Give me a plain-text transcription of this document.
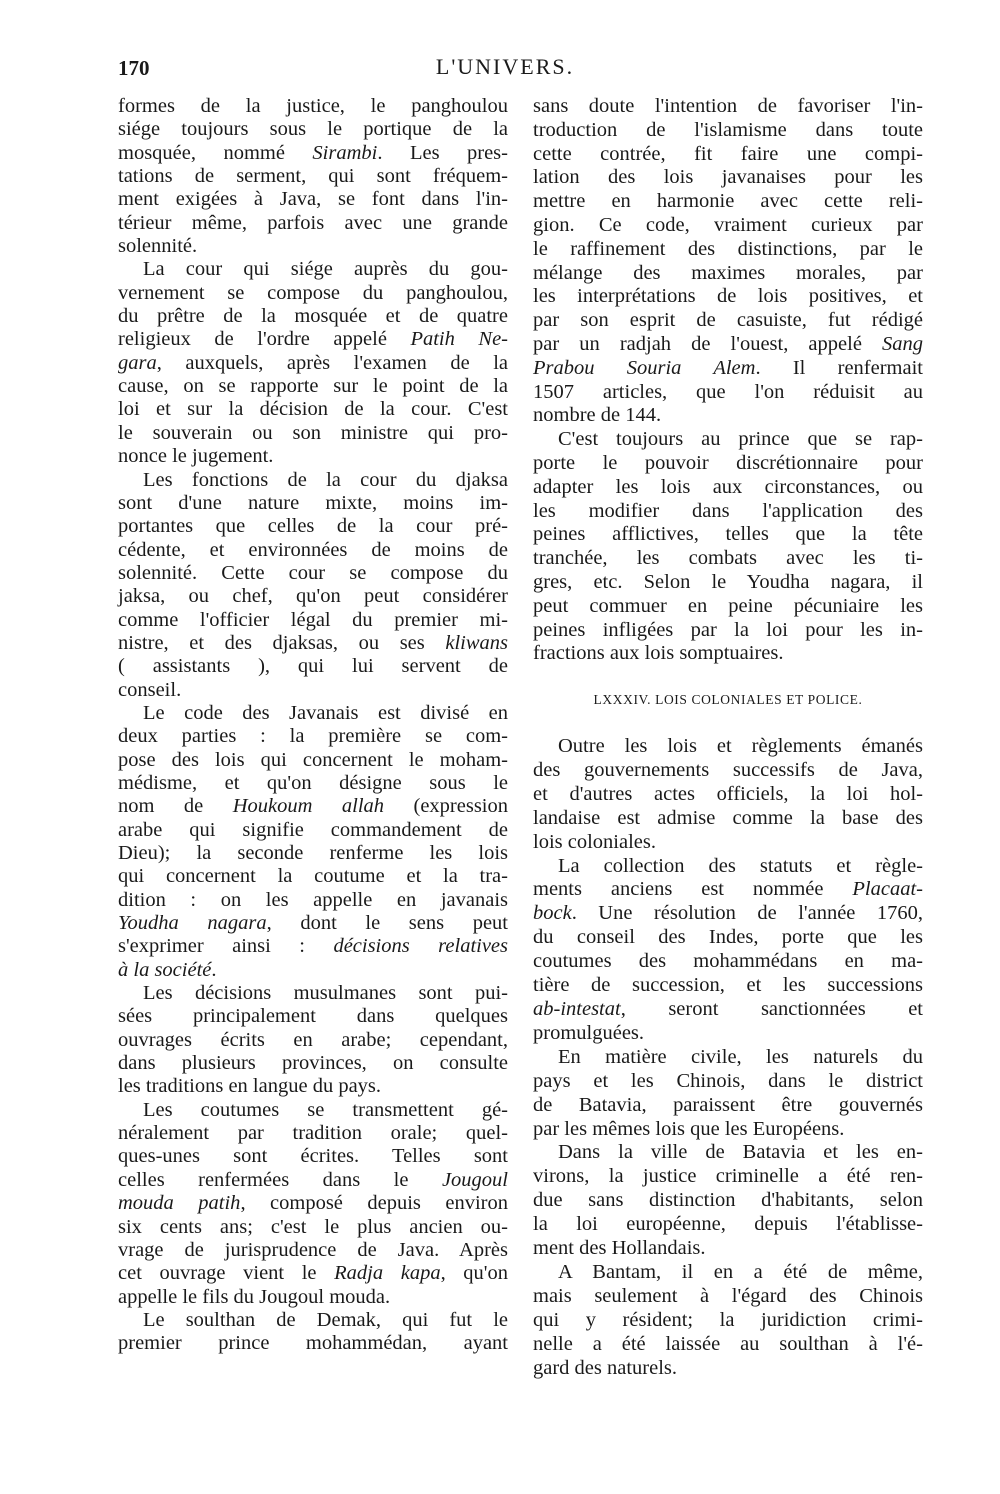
170	L'UNIVERS.
formes de la justice, le panghoulou
siége toujours sous le portique de la
mosquée, nommé Sirambi. Les pres-
tations de serment, qui sont fréquem-
ment exigées à Java, se font dans l'in-
térieur même, parfois avec une grande
solennité.
La cour qui siége auprès du gou-
vernement se compose du panghoulou,
du prêtre de la mosquée et de quatre
religieux de l'ordre appelé Patih Ne-
gara, auxquels, après l'examen de la
cause, on se rapporte sur le point de la
loi et sur la décision de la cour. C'est
le souverain ou son ministre qui pro-
nonce le jugement.
Les fonctions de la cour du djaksa
sont d'une nature mixte, moins im-
portantes que celles de la cour pré-
cédente, et environnées de moins de
solennité. Cette cour se compose du
jaksa, ou chef, qu'on peut considérer
comme l'officier légal du premier mi-
nistre, et des djaksas, ou ses kliwans
( assistants ), qui lui servent de
conseil.
Le code des Javanais est divisé en
deux parties : la première se com-
pose des lois qui concernent le moham-
médisme, et qu'on désigne sous le
nom de Houkoum allah (expression
arabe qui signifie commandement de
Dieu); la seconde renferme les lois
qui concernent la coutume et la tra-
dition : on les appelle en javanais
Youdha nagara, dont le sens peut
s'exprimer ainsi : décisions relatives
à la société.
Les décisions musulmanes sont pui-
sées principalement dans quelques
ouvrages écrits en arabe; cependant,
dans plusieurs provinces, on consulte
les traditions en langue du pays.
Les coutumes se transmettent gé-
néralement par tradition orale; quel-
ques-unes sont écrites. Telles sont
celles renfermées dans le Jougoul
mouda patih, composé depuis environ
six cents ans; c'est le plus ancien ou-
vrage de jurisprudence de Java. Après
cet ouvrage vient le Radja kapa, qu'on
appelle le fils du Jougoul mouda.
Le soulthan de Demak, qui fut le
premier prince mohammédan, ayant
sans doute l'intention de favoriser l'in-
troduction de l'islamisme dans toute
cette contrée, fit faire une compi-
lation des lois javanaises pour les
mettre en harmonie avec cette reli-
gion. Ce code, vraiment curieux par
le raffinement des distinctions, par le
mélange des maximes morales, par
les interprétations de lois positives, et
par son esprit de casuiste, fut rédigé
par un radjah de l'ouest, appelé Sang
Prabou Souria Alem. Il renfermait
1507 articles, que l'on réduisit au
nombre de 144.
C'est toujours au prince que se rap-
porte le pouvoir discrétionnaire pour
adapter les lois aux circonstances, ou
les modifier dans l'application des
peines afflictives, telles que la tête
tranchée, les combats avec les ti-
gres, etc. Selon le Youdha nagara, il
peut commuer en peine pécuniaire les
peines infligées par la loi pour les in-
fractions aux lois somptuaires.
LXXXIV. LOIS COLONIALES ET POLICE.
Outre les lois et règlements émanés
des gouvernements successifs de Java,
et d'autres actes officiels, la loi hol-
landaise est admise comme la base des
lois coloniales.
La collection des statuts et règle-
ments anciens est nommée Placaat-
bock. Une résolution de l'année 1760,
du conseil des Indes, porte que les
coutumes des mohammédans en ma-
tière de succession, et les successions
ab-intestat, seront sanctionnées et
promulguées.
En matière civile, les naturels du
pays et les Chinois, dans le district
de Batavia, paraissent être gouvernés
par les mêmes lois que les Européens.
Dans la ville de Batavia et les en-
virons, la justice criminelle a été ren-
due sans distinction d'habitants, selon
la loi européenne, depuis l'établisse-
ment des Hollandais.
A Bantam, il en a été de même,
mais seulement à l'égard des Chinois
qui y résident; la juridiction crimi-
nelle a été laissée au soulthan à l'é-
gard des naturels.
